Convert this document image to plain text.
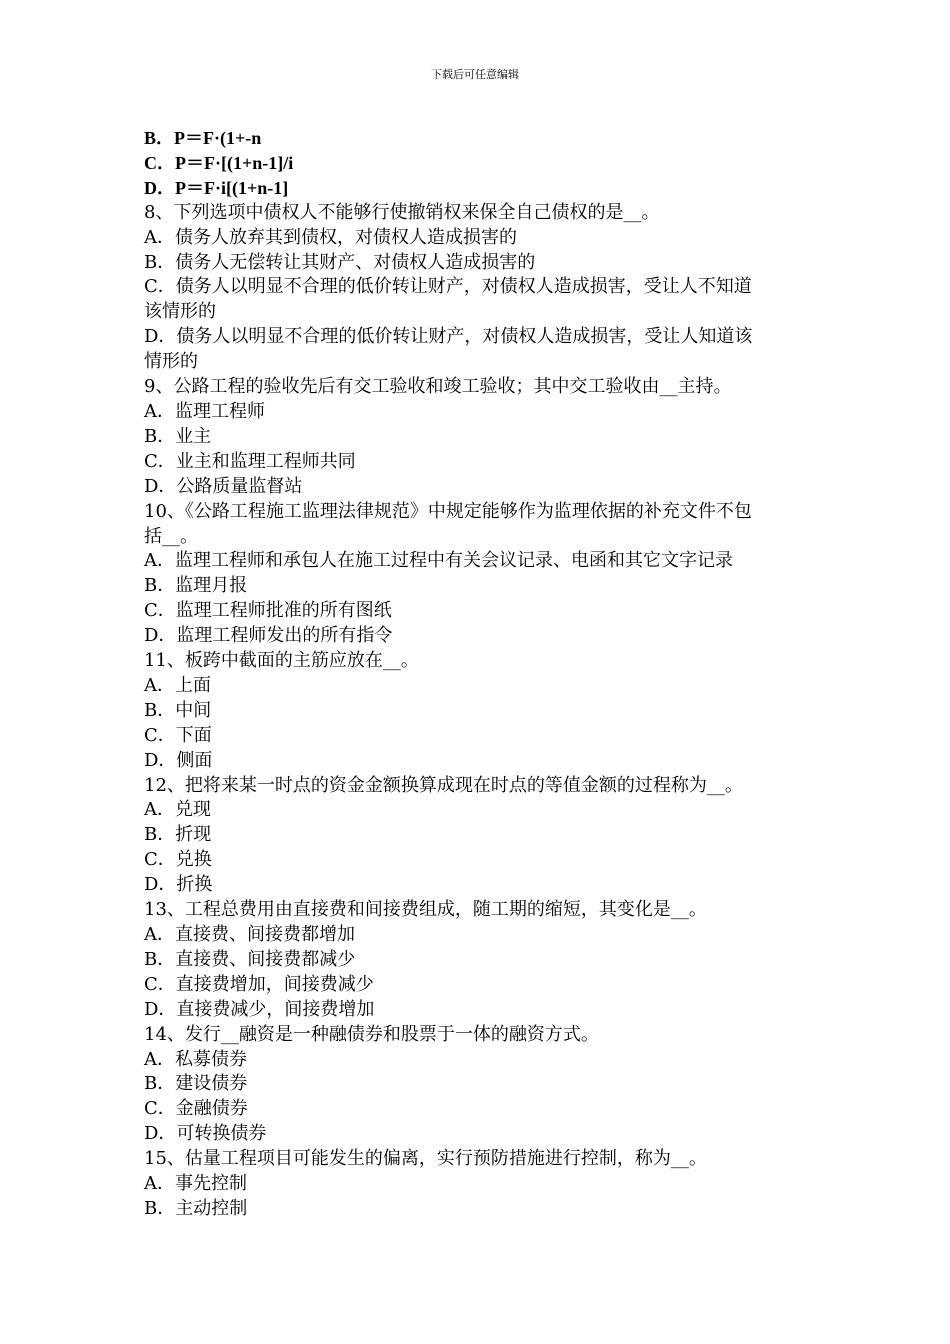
下载后可任意编辑
B．P＝F·(1+-n
C．P＝F·[(1+n-1]/i
D．P＝F·i[(1+n-1]
8、下列选项中债权人不能够行使撤销权来保全自己债权的是__。
A．债务人放弃其到债权，对债权人造成损害的
B．债务人无偿转让其财产、对债权人造成损害的
C．债务人以明显不合理的低价转让财产，对债权人造成损害，受让人不知道
该情形的
D．债务人以明显不合理的低价转让财产，对债权人造成损害，受让人知道该
情形的
9、公路工程的验收先后有交工验收和竣工验收；其中交工验收由__主持。
A．监理工程师
B．业主
C．业主和监理工程师共同
D．公路质量监督站
10、《公路工程施工监理法律规范》中规定能够作为监理依据的补充文件不包
括__。
A．监理工程师和承包人在施工过程中有关会议记录、电函和其它文字记录
B．监理月报
C．监理工程师批准的所有图纸
D．监理工程师发出的所有指令
11、板跨中截面的主筋应放在__。
A．上面
B．中间
C．下面
D．侧面
12、把将来某一时点的资金金额换算成现在时点的等值金额的过程称为__。
A．兑现
B．折现
C．兑换
D．折换
13、工程总费用由直接费和间接费组成，随工期的缩短，其变化是__。
A．直接费、间接费都增加
B．直接费、间接费都减少
C．直接费增加，间接费减少
D．直接费减少，间接费增加
14、发行__融资是一种融债券和股票于一体的融资方式。
A．私募债券
B．建设债券
C．金融债券
D．可转换债券
15、估量工程项目可能发生的偏离，实行预防措施进行控制，称为__。
A．事先控制
B．主动控制
